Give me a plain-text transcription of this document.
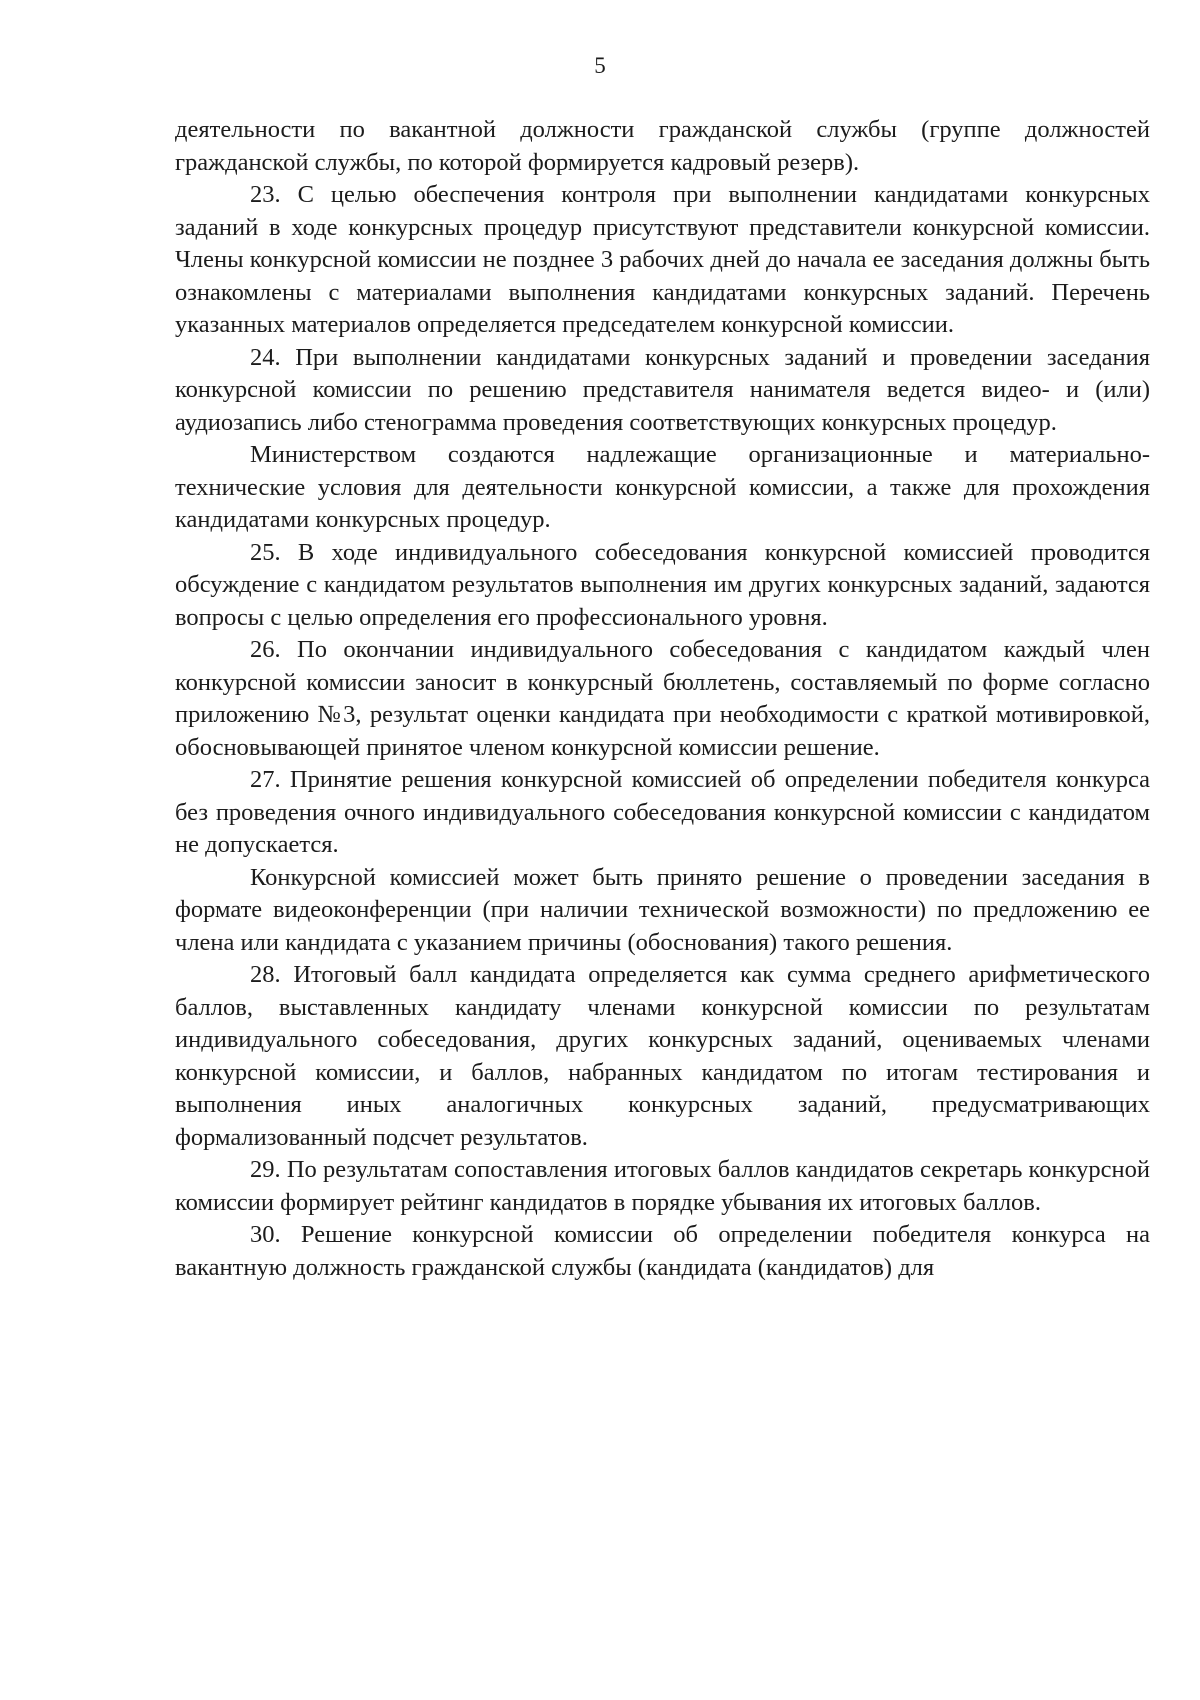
5

деятельности по вакантной должности гражданской службы (группе должностей гражданской службы, по которой формируется кадровый резерв).

23. С целью обеспечения контроля при выполнении кандидатами конкурсных заданий в ходе конкурсных процедур присутствуют представители конкурсной комиссии. Члены конкурсной комиссии не позднее 3 рабочих дней до начала ее заседания должны быть ознакомлены с материалами выполнения кандидатами конкурсных заданий. Перечень указанных материалов определяется председателем конкурсной комиссии.

24. При выполнении кандидатами конкурсных заданий и проведении заседания конкурсной комиссии по решению представителя нанимателя ведется видео- и (или) аудиозапись либо стенограмма проведения соответствующих конкурсных процедур.

Министерством создаются надлежащие организационные и материально-технические условия для деятельности конкурсной комиссии, а также для прохождения кандидатами конкурсных процедур.

25. В ходе индивидуального собеседования конкурсной комиссией проводится обсуждение с кандидатом результатов выполнения им других конкурсных заданий, задаются вопросы с целью определения его профессионального уровня.

26. По окончании индивидуального собеседования с кандидатом каждый член конкурсной комиссии заносит в конкурсный бюллетень, составляемый по форме согласно приложению №3, результат оценки кандидата при необходимости с краткой мотивировкой, обосновывающей принятое членом конкурсной комиссии решение.

27. Принятие решения конкурсной комиссией об определении победителя конкурса без проведения очного индивидуального собеседования конкурсной комиссии с кандидатом не допускается.

Конкурсной комиссией может быть принято решение о проведении заседания в формате видеоконференции (при наличии технической возможности) по предложению ее члена или кандидата с указанием причины (обоснования) такого решения.

28. Итоговый балл кандидата определяется как сумма среднего арифметического баллов, выставленных кандидату членами конкурсной комиссии по результатам индивидуального собеседования, других конкурсных заданий, оцениваемых членами конкурсной комиссии, и баллов, набранных кандидатом по итогам тестирования и выполнения иных аналогичных конкурсных заданий, предусматривающих формализованный подсчет результатов.

29. По результатам сопоставления итоговых баллов кандидатов секретарь конкурсной комиссии формирует рейтинг кандидатов в порядке убывания их итоговых баллов.

30. Решение конкурсной комиссии об определении победителя конкурса на вакантную должность гражданской службы (кандидата (кандидатов) для
